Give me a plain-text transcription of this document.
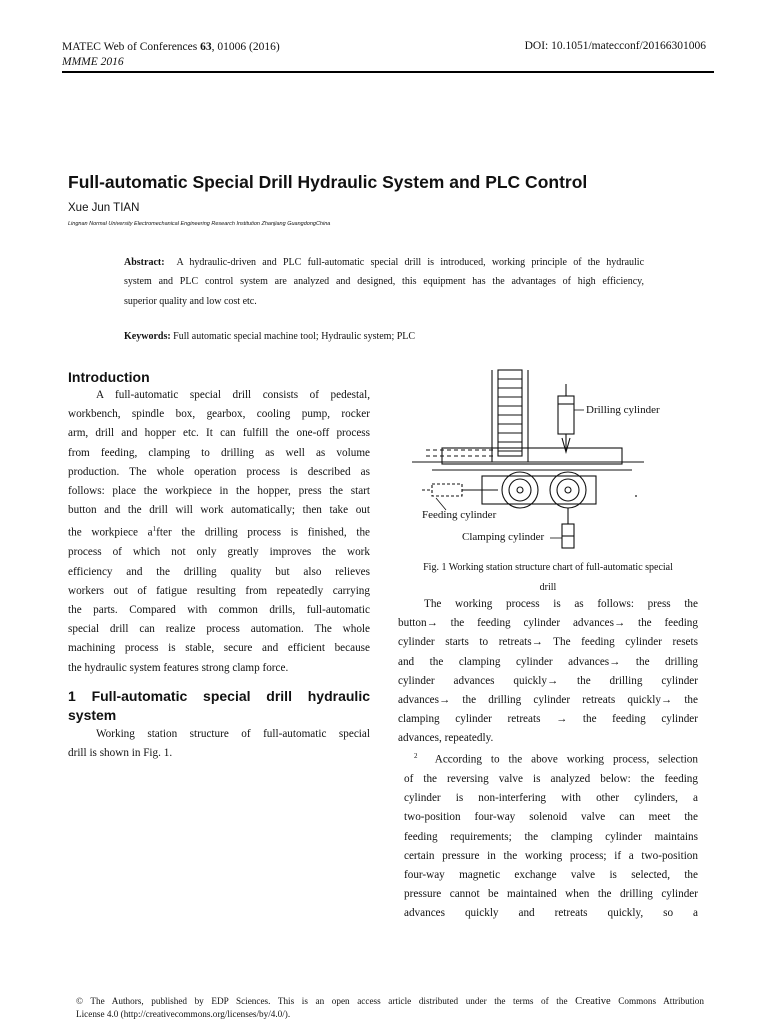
MATEC Web of Conferences 63, 01006 (2016)
MMME 2016
DOI: 10.1051/matecconf/20166301006
Full-automatic Special Drill Hydraulic System and PLC Control
Xue Jun TIAN
Lingnan Normal University Electromechanical Engineering Research Institution Zhanjiang GuangdongChina
Abstract: A hydraulic-driven and PLC full-automatic special drill is introduced, working principle of the hydraulic
system and PLC control system are analyzed and designed, this equipment has the advantages of high efficiency,
superior quality and low cost etc.
Keywords: Full automatic special machine tool; Hydraulic system; PLC
Introduction
A full-automatic special drill consists of pedestal,
workbench, spindle box, gearbox, cooling pump, rocker
arm, drill and hopper etc. It can fulfill the one-off process
from feeding, clamping to drilling as well as volume
production. The whole operation process is described as
follows: place the workpiece in the hopper, press the start
button and the drill will work automatically; then take out
the workpiece $a^1fter$ the drilling process is finished, the
process of which not only greatly improves the work
efficiency and the drilling quality but also relieves
workers out of fatigue resulting from repeatedly carrying
the parts. Compared with common drills, full-automatic
special drill can realize process automation. The whole
machining process is stable, secure and efficient because
the hydraulic system features strong clamp force.
1 Full-automatic special drill hydraulic
system
Working station structure of full-automatic special
drill is shown in Fig. 1.
Drilling cylinder
Feeding cylinder
Clamping cylinder
Fig. 1 Working station structure chart of full-automatic special
drill
The working process is as follows: press the
button→ the feeding cylinder advances→ the feeding
cylinder starts to retreats→ The feeding cylinder resets
and the clamping cylinder advances→ the drilling
cylinder advances quickly→ the drilling cylinder
advances→ the drilling cylinder retreats quickly→ the
clamping cylinder retreats → the feeding cylinder
advances, repeatedly.
$^2$ According to the above working process, selection
of the reversing valve is analyzed below: the feeding
cylinder is non-interfering with other cylinders, a
two-position four-way solenoid valve can meet the
feeding requirements; the clamping cylinder maintains
certain pressure in the working process; if a two-position
four-way magnetic exchange valve is selected, the
pressure cannot be maintained when the drilling cylinder
advances quickly and retreats quickly, so a
© The Authors, published by EDP Sciences. This is an open access article distributed under the terms of the Creative Commons Attribution
License 4.0 (http://creativecommons.org/licenses/by/4.0/).
